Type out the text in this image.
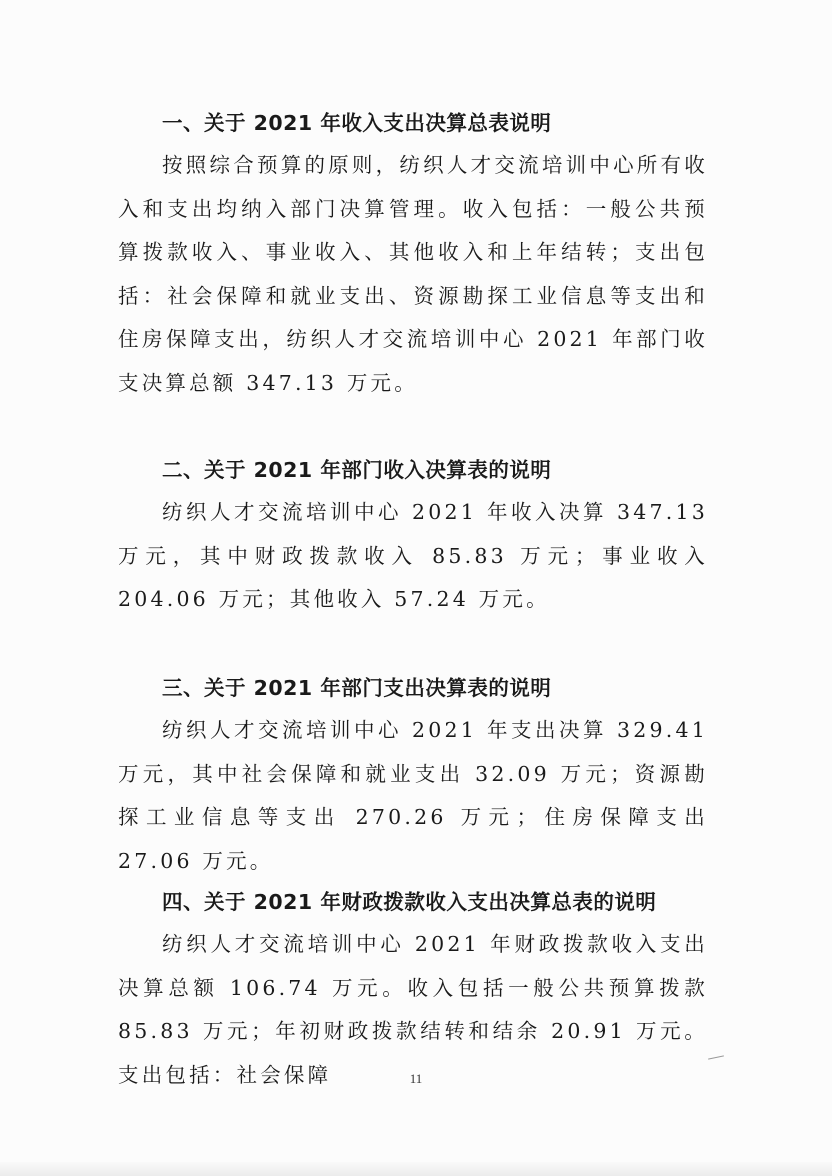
一、关于 2021 年收入支出决算总表说明

按照综合预算的原则，纺织人才交流培训中心所有收入和支出均纳入部门决算管理。收入包括：一般公共预算拨款收入、事业收入、其他收入和上年结转；支出包括：社会保障和就业支出、资源勘探工业信息等支出和住房保障支出，纺织人才交流培训中心 2021 年部门收支决算总额 347.13 万元。

二、关于 2021 年部门收入决算表的说明

纺织人才交流培训中心 2021 年收入决算 347.13 万元，其中财政拨款收入 85.83 万元；事业收入 204.06 万元；其他收入 57.24 万元。

三、关于 2021 年部门支出决算表的说明

纺织人才交流培训中心 2021 年支出决算 329.41 万元，其中社会保障和就业支出 32.09 万元；资源勘探工业信息等支出 270.26 万元；住房保障支出 27.06 万元。

四、关于 2021 年财政拨款收入支出决算总表的说明

纺织人才交流培训中心 2021 年财政拨款收入支出决算总额 106.74 万元。收入包括一般公共预算拨款 85.83 万元；年初财政拨款结转和结余 20.91 万元。支出包括：社会保障	11
